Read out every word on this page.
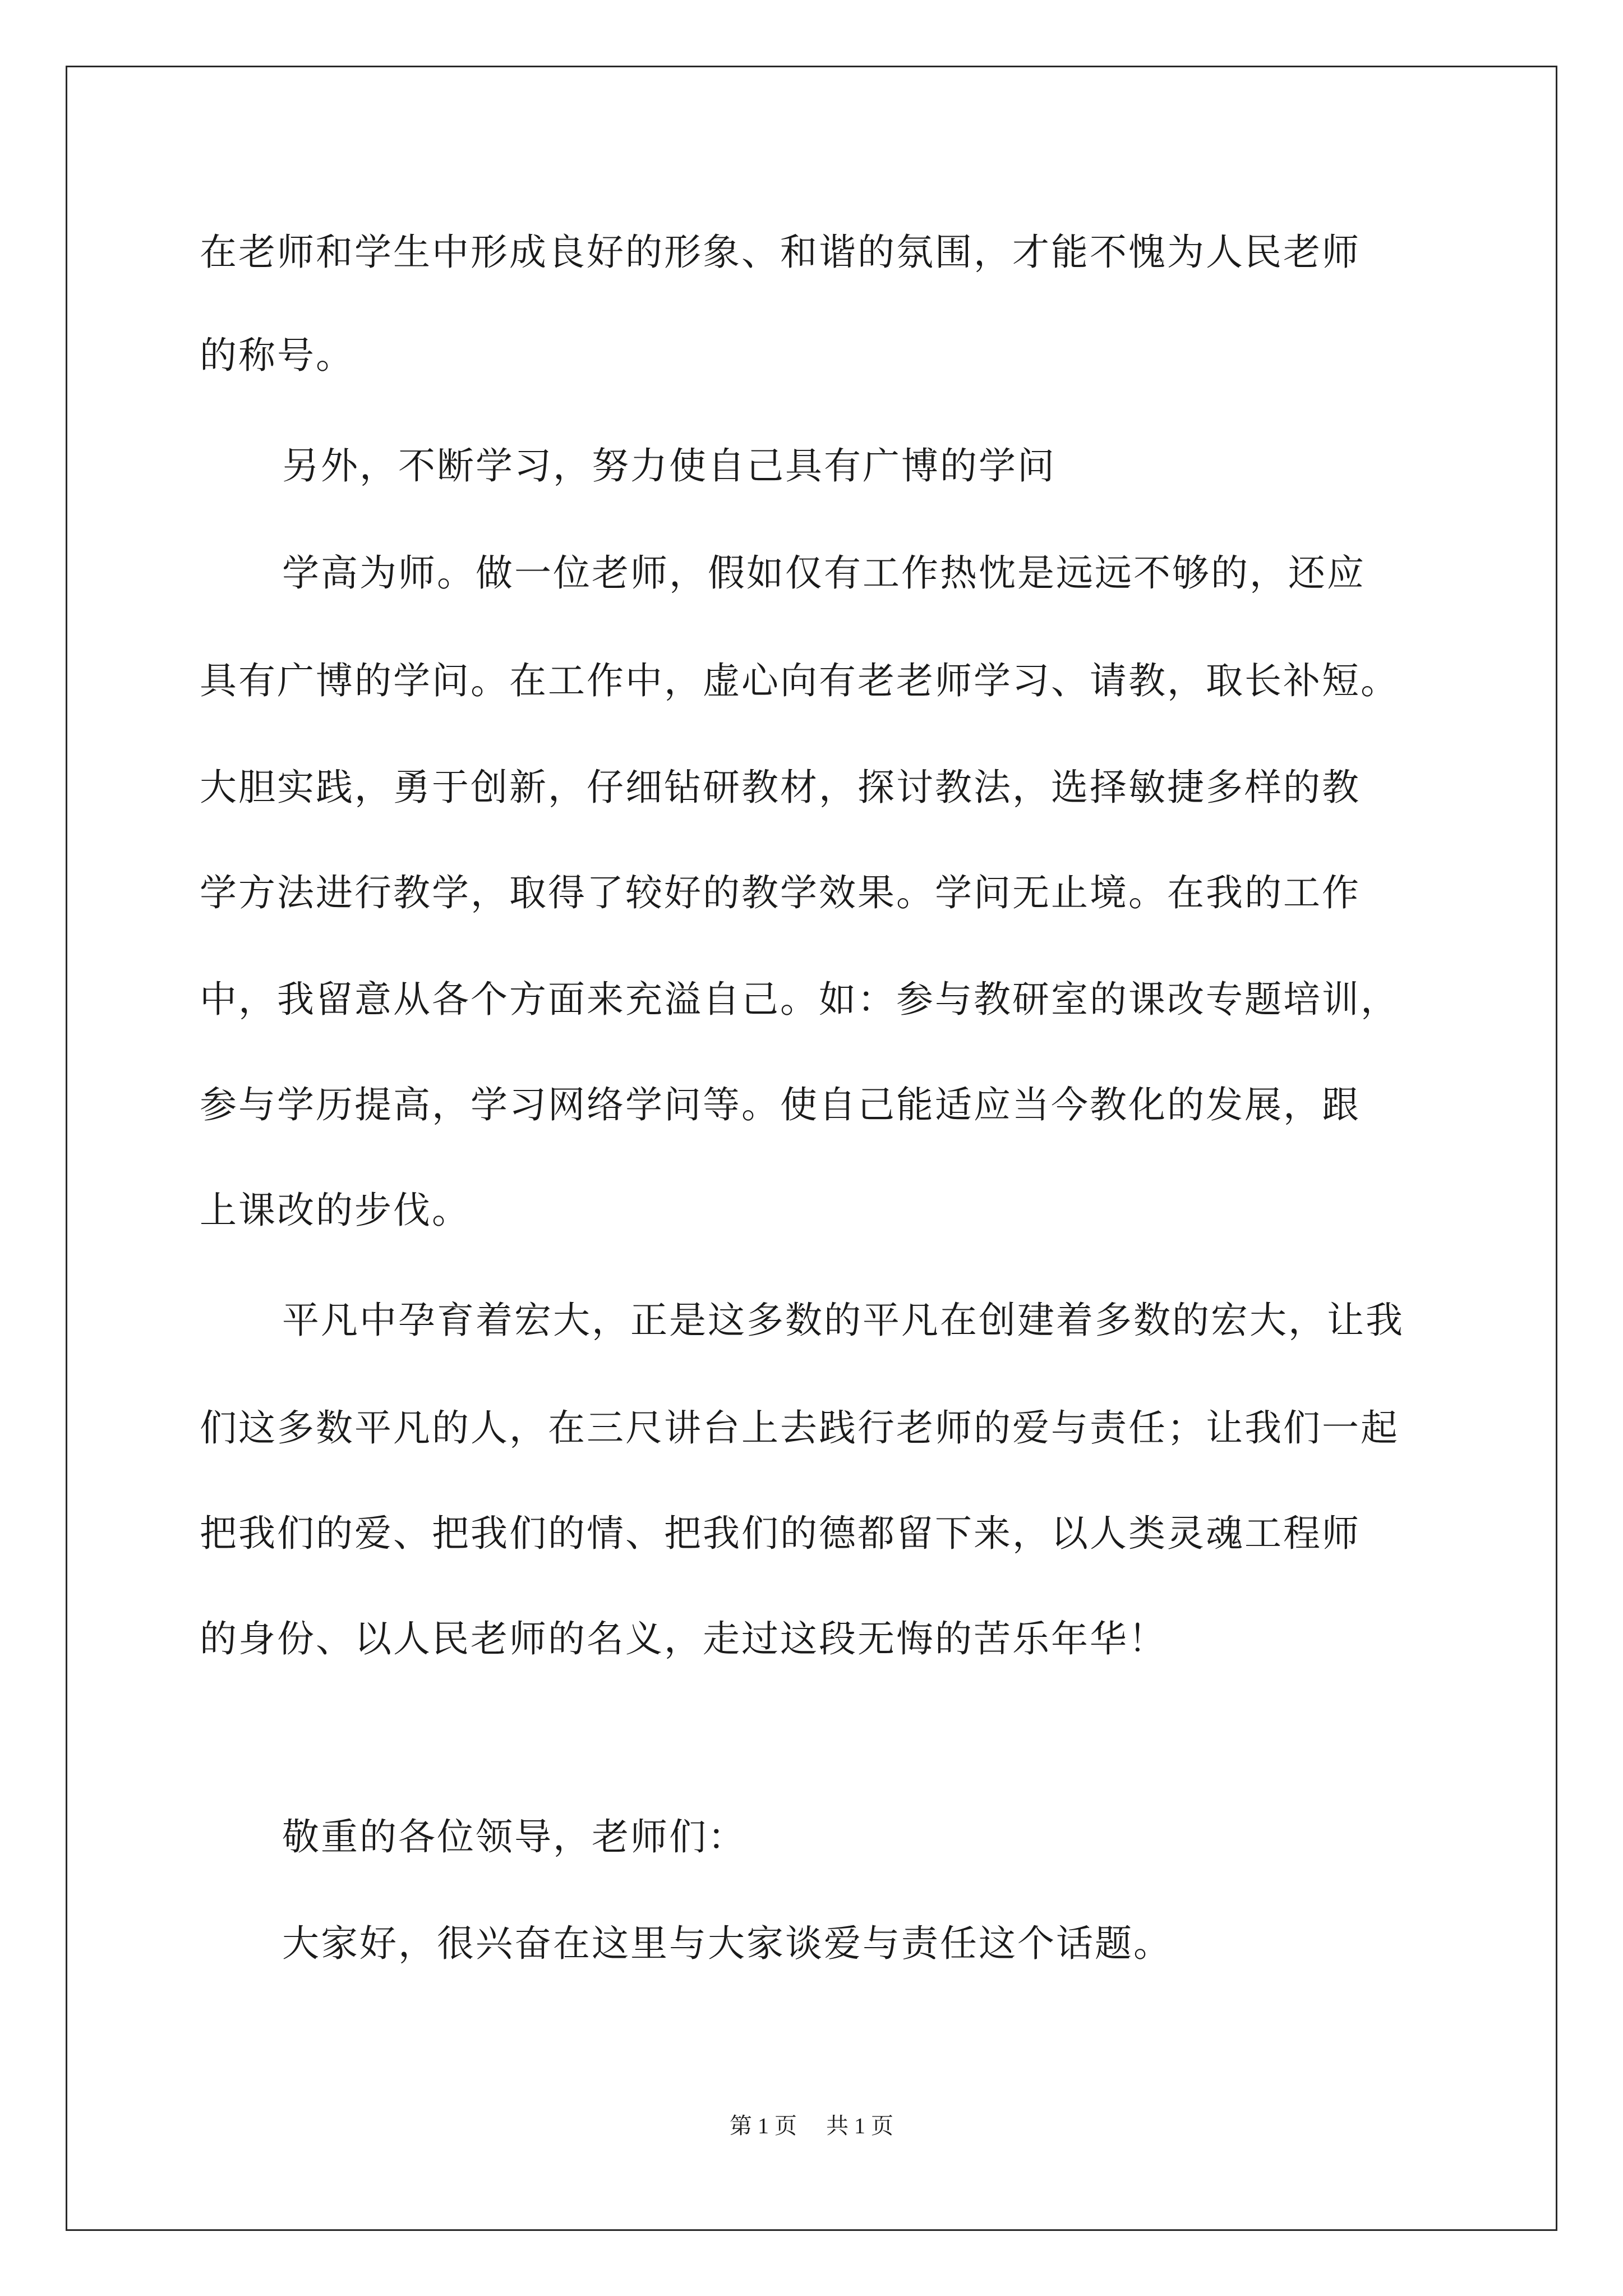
在老师和学生中形成良好的形象、和谐的氛围，才能不愧为人民老师
的称号。
另外，不断学习，努力使自己具有广博的学问
学高为师。做一位老师，假如仅有工作热忱是远远不够的，还应
具有广博的学问。在工作中，虚心向有老老师学习、请教，取长补短。
大胆实践，勇于创新，仔细钻研教材，探讨教法，选择敏捷多样的教
学方法进行教学，取得了较好的教学效果。学问无止境。在我的工作
中，我留意从各个方面来充溢自己。如：参与教研室的课改专题培训，
参与学历提高，学习网络学问等。使自己能适应当今教化的发展，跟
上课改的步伐。
平凡中孕育着宏大，正是这多数的平凡在创建着多数的宏大，让我
们这多数平凡的人，在三尺讲台上去践行老师的爱与责任；让我们一起
把我们的爱、把我们的情、把我们的德都留下来，以人类灵魂工程师
的身份、以人民老师的名义，走过这段无悔的苦乐年华！
敬重的各位领导，老师们：
大家好，很兴奋在这里与大家谈爱与责任这个话题。
第 1 页 共 1 页
